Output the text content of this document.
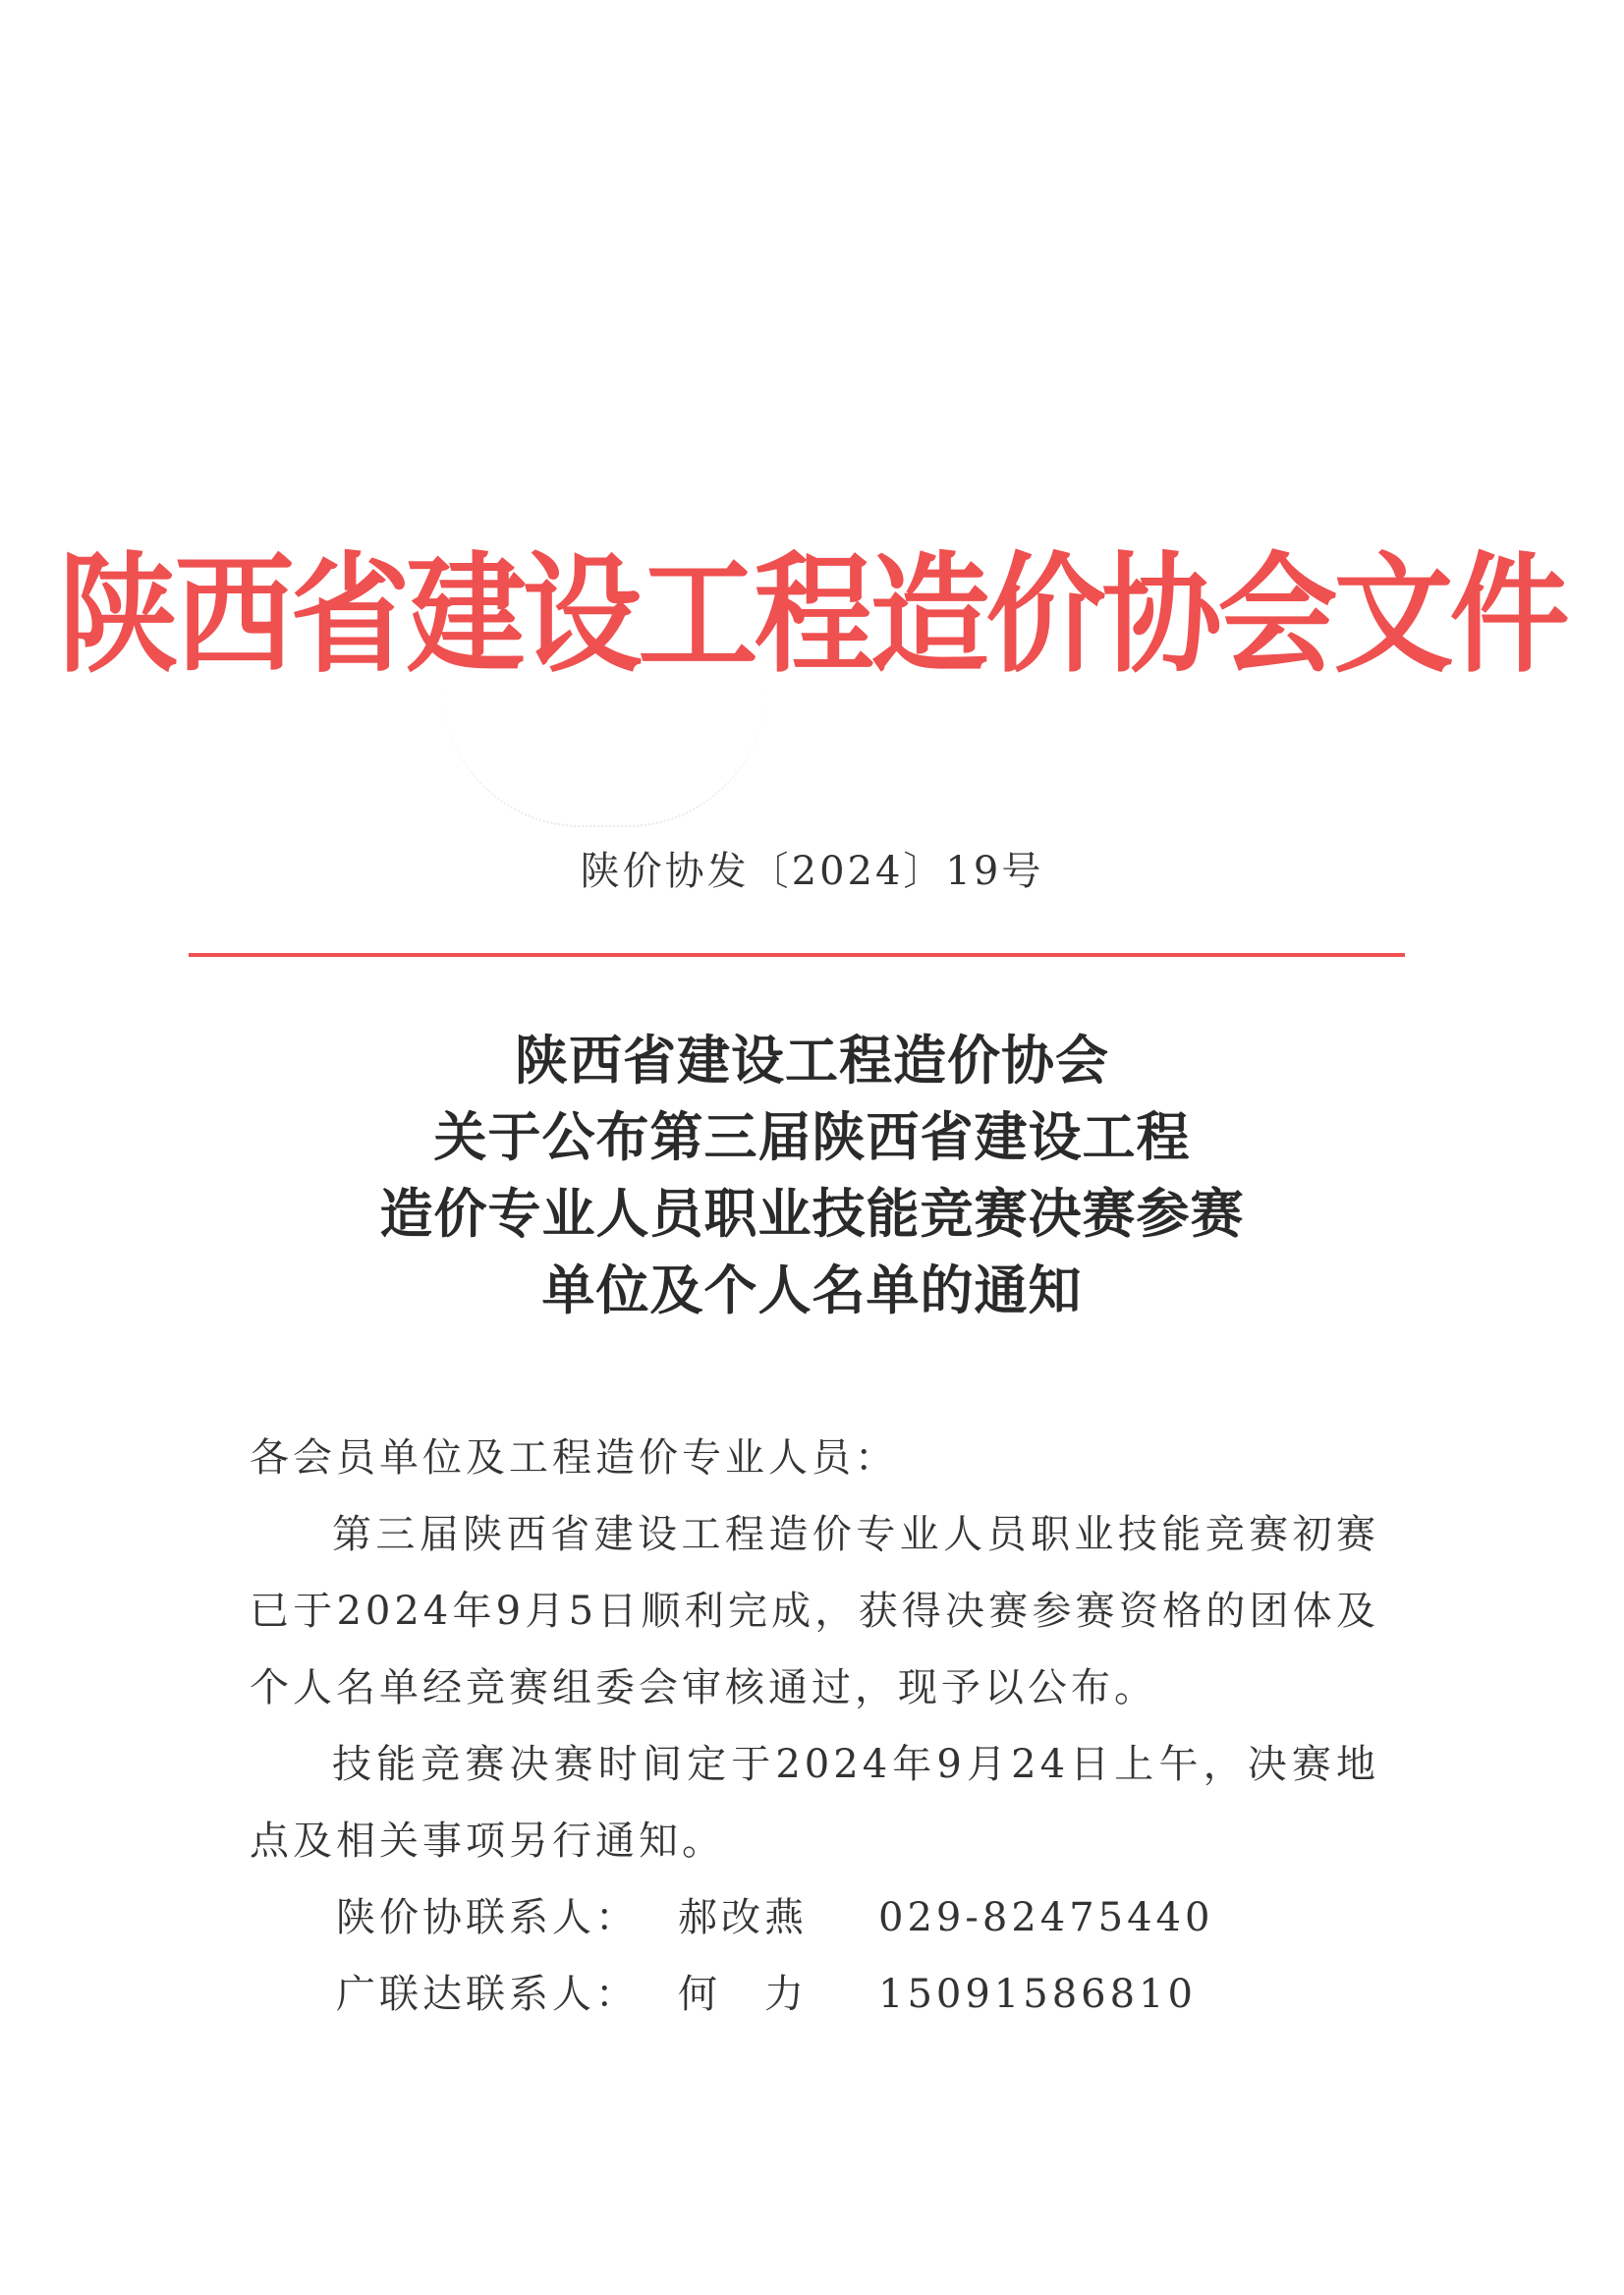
陕西省建设工程造价协会文件
陕价协发〔2024〕19号
陕西省建设工程造价协会
关于公布第三届陕西省建设工程
造价专业人员职业技能竞赛决赛参赛
单位及个人名单的通知

各会员单位及工程造价专业人员：

第三届陕西省建设工程造价专业人员职业技能竞赛初赛已于2024年9月5日顺利完成，获得决赛参赛资格的团体及个人名单经竞赛组委会审核通过，现予以公布。

技能竞赛决赛时间定于2024年9月24日上午，决赛地点及相关事项另行通知。

陕价协联系人： 郝改燕 029-82475440
广联达联系人： 何　力 15091586810
